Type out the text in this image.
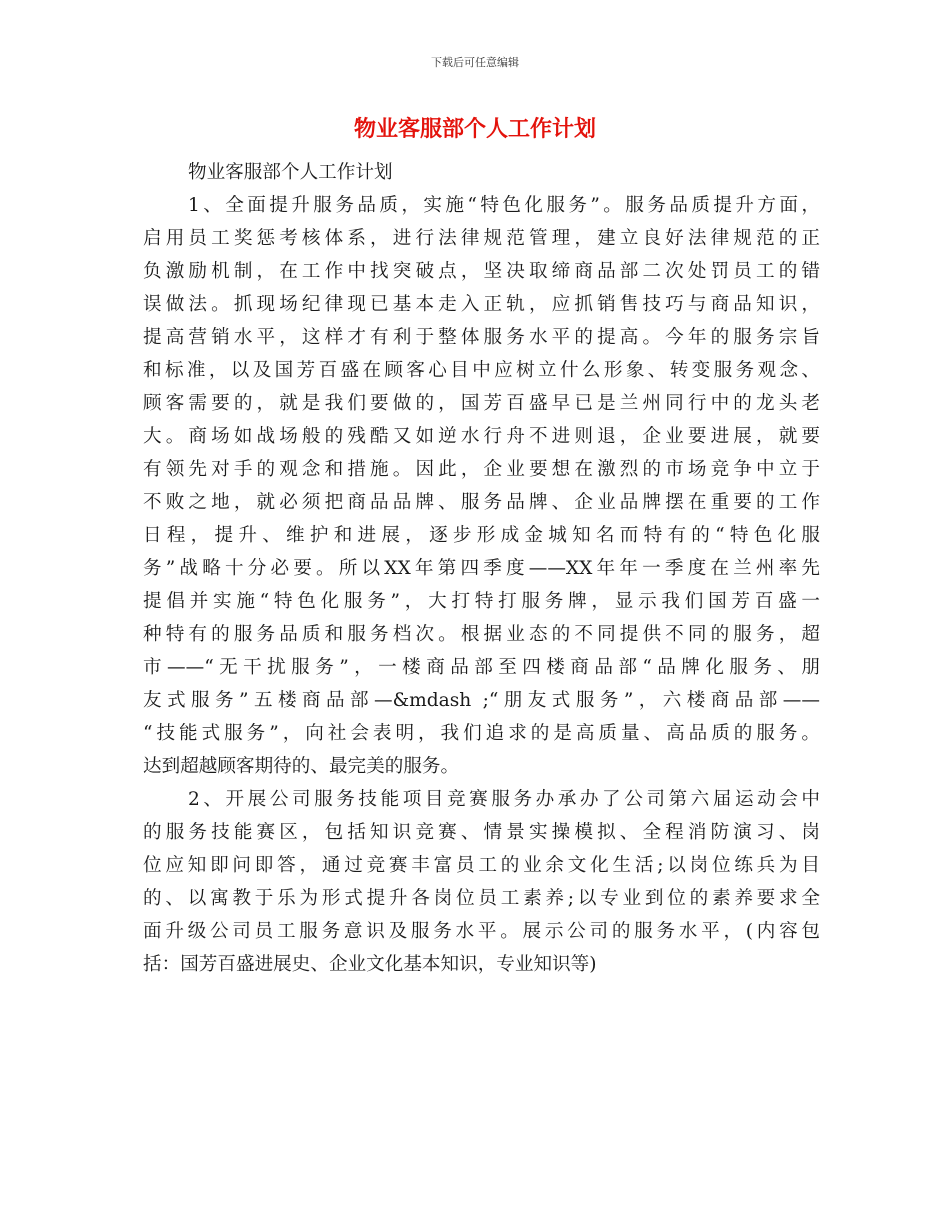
下载后可任意编辑
物业客服部个人工作计划
物业客服部个人工作计划
1、全面提升服务品质，实施“特色化服务”。服务品质提升方面，
启用员工奖惩考核体系，进行法律规范管理，建立良好法律规范的正
负激励机制，在工作中找突破点，坚决取缔商品部二次处罚员工的错
误做法。抓现场纪律现已基本走入正轨，应抓销售技巧与商品知识，
提高营销水平，这样才有利于整体服务水平的提高。今年的服务宗旨
和标准，以及国芳百盛在顾客心目中应树立什么形象、转变服务观念、
顾客需要的，就是我们要做的，国芳百盛早已是兰州同行中的龙头老
大。商场如战场般的残酷又如逆水行舟不进则退，企业要进展，就要
有领先对手的观念和措施。因此，企业要想在激烈的市场竞争中立于
不败之地，就必须把商品品牌、服务品牌、企业品牌摆在重要的工作
日程，提升、维护和进展，逐步形成金城知名而特有的“特色化服
务”战略十分必要。所以XX年第四季度——XX年年一季度在兰州率先
提倡并实施“特色化服务”，大打特打服务牌，显示我们国芳百盛一
种特有的服务品质和服务档次。根据业态的不同提供不同的服务，超
市——“无干扰服务”，一楼商品部至四楼商品部“品牌化服务、朋
友式服务”五楼商品部—&mdash ;“朋友式服务”，六楼商品部——
“技能式服务”，向社会表明，我们追求的是高质量、高品质的服务。
达到超越顾客期待的、最完美的服务。
2、开展公司服务技能项目竞赛服务办承办了公司第六届运动会中
的服务技能赛区，包括知识竞赛、情景实操模拟、全程消防演习、岗
位应知即问即答，通过竞赛丰富员工的业余文化生活;以岗位练兵为目
的、以寓教于乐为形式提升各岗位员工素养;以专业到位的素养要求全
面升级公司员工服务意识及服务水平。展示公司的服务水平，(内容包
括：国芳百盛进展史、企业文化基本知识，专业知识等)
